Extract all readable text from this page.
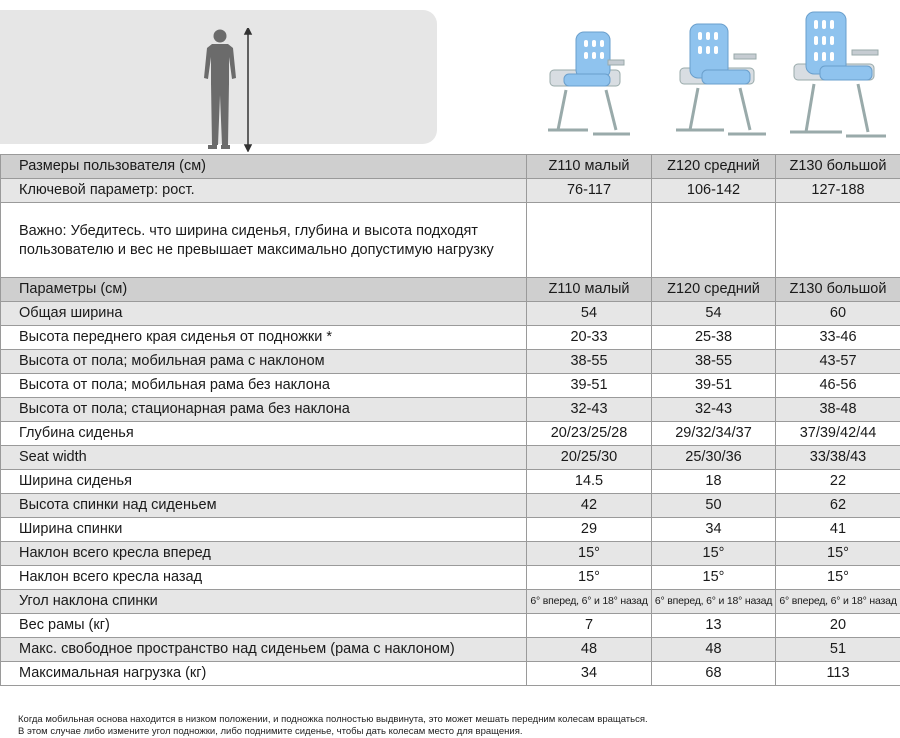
Размеры пользователя (см)	Z110 малый	Z120 средний	Z130 большой
Ключевой параметр: рост.	76-117	106-142	127-188
Важно: Убедитесь. что ширина сиденья, глубина и высота подходят пользователю и вес не превышает максимально допустимую нагрузку			
Параметры (см)	Z110 малый	Z120 средний	Z130 большой
Общая ширина	54	54	60
Высота переднего края сиденья от подножки *	20-33	25-38	33-46
Высота от пола; мобильная рама с наклоном	38-55	38-55	43-57
Высота от пола; мобильная рама без наклона	39-51	39-51	46-56
Высота от пола; стационарная рама без наклона	32-43	32-43	38-48
Глубина сиденья	20/23/25/28	29/32/34/37	37/39/42/44
Seat width	20/25/30	25/30/36	33/38/43
Ширина сиденья	14.5	18	22
Высота спинки над сиденьем	42	50	62
Ширина спинки	29	34	41
Наклон всего кресла вперед	15°	15°	15°
Наклон всего кресла назад	15°	15°	15°
Угол наклона спинки	6° вперед, 6° и 18° назад	6° вперед, 6° и 18° назад	6° вперед, 6° и 18° назад
Вес рамы (кг)	7	13	20
Макс. свободное пространство над сиденьем (рама с наклоном)	48	48	51
Максимальная нагрузка (кг)	34	68	113
Когда мобильная основа находится в низком положении, и подножка полностью выдвинута, это может мешать передним колесам вращаться.
В этом случае либо измените угол подножки, либо поднимите сиденье, чтобы дать колесам место для вращения.
